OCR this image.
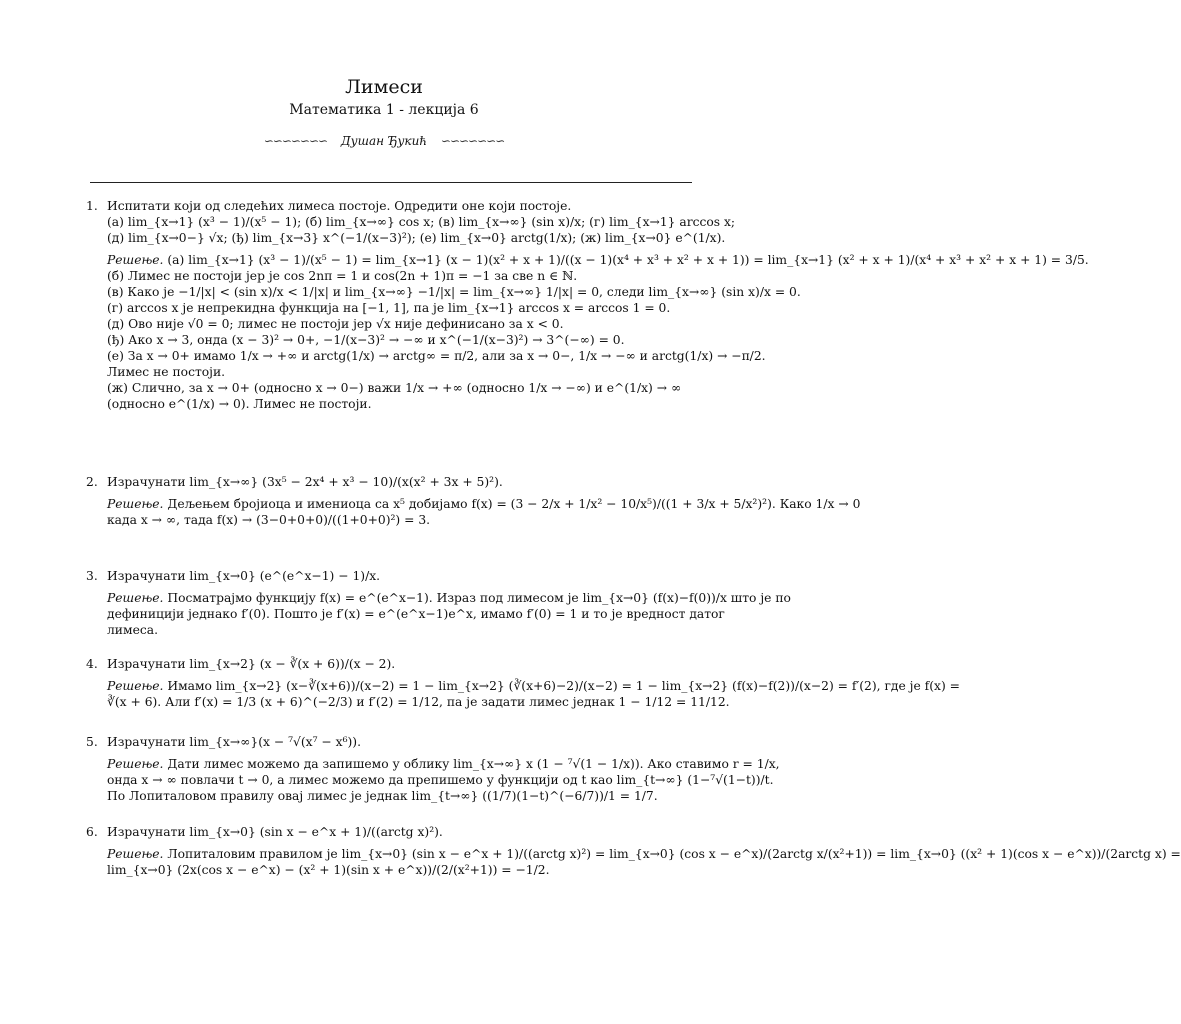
Лимеси
Математика 1 - лекција 6
∽∽∽∽∽∽∽ Душан Ђукић ∽∽∽∽∽∽∽
1. Испитати који од следећих лимеса постоје. Одредити оне који постоје.
(а) lim_{x→1} (x³ − 1)/(x⁵ − 1); (б) lim_{x→∞} cos x; (в) lim_{x→∞} (sin x)/x; (г) lim_{x→1} arccos x;
(д) lim_{x→0−} √x; (ђ) lim_{x→3} x^(−1/(x−3)²); (е) lim_{x→0} arctg(1/x); (ж) lim_{x→0} e^(1/x).
Решење. (а) lim_{x→1} (x³ − 1)/(x⁵ − 1) = lim_{x→1} (x − 1)(x² + x + 1)/((x − 1)(x⁴ + x³ + x² + x + 1)) = lim_{x→1} (x² + x + 1)/(x⁴ + x³ + x² + x + 1) = 3/5.
(б) Лимес не постоји јер је cos 2nπ = 1 и cos(2n + 1)π = −1 за све n ∈ ℕ.
(в) Како је −1/|x| < (sin x)/x < 1/|x| и lim_{x→∞} −1/|x| = lim_{x→∞} 1/|x| = 0, следи lim_{x→∞} (sin x)/x = 0.
(г) arccos x је непрекидна функција на [−1, 1], па је lim_{x→1} arccos x = arccos 1 = 0.
(д) Ово није √0 = 0; лимес не постоји јер √x није дефинисано за x < 0.
(ђ) Ако x → 3, онда (x − 3)² → 0+, −1/(x−3)² → −∞ и x^(−1/(x−3)²) → 3^(−∞) = 0.
(е) За x → 0+ имамо 1/x → +∞ и arctg(1/x) → arctg∞ = π/2, али за x → 0−, 1/x → −∞ и arctg(1/x) → −π/2.
Лимес не постоји.
(ж) Слично, за x → 0+ (односно x → 0−) важи 1/x → +∞ (односно 1/x → −∞) и e^(1/x) → ∞
(односно e^(1/x) → 0). Лимес не постоји.
2. Израчунати lim_{x→∞} (3x⁵ − 2x⁴ + x³ − 10)/(x(x² + 3x + 5)²).
Решење. Дељењем бројиоца и имениоца са x⁵ добијамо f(x) = (3 − 2/x + 1/x² − 10/x⁵)/((1 + 3/x + 5/x²)²). Како 1/x → 0
када x → ∞, тада f(x) → (3−0+0+0)/((1+0+0)²) = 3.
3. Израчунати lim_{x→0} (e^(e^x−1) − 1)/x.
Решење. Посматрајмо функцију f(x) = e^(e^x−1). Израз под лимесом је lim_{x→0} (f(x)−f(0))/x што је по
дефиницији једнако f′(0). Пошто је f′(x) = e^(e^x−1)e^x, имамо f′(0) = 1 и то је вредност датог
лимеса.
4. Израчунати lim_{x→2} (x − ∛(x + 6))/(x − 2).
Решење. Имамо lim_{x→2} (x−∛(x+6))/(x−2) = 1 − lim_{x→2} (∛(x+6)−2)/(x−2) = 1 − lim_{x→2} (f(x)−f(2))/(x−2) = f′(2), где је f(x) =
∛(x + 6). Али f′(x) = 1/3 (x + 6)^(−2/3) и f′(2) = 1/12, па је задати лимес једнак 1 − 1/12 = 11/12.
5. Израчунати lim_{x→∞}(x − ⁷√(x⁷ − x⁶)).
Решење. Дати лимес можемо да запишемо у облику lim_{x→∞} x (1 − ⁷√(1 − 1/x)). Ако ставимо r = 1/x,
онда x → ∞ повлачи t → 0, а лимес можемо да препишемо у функцији од t као lim_{t→∞} (1−⁷√(1−t))/t.
По Лопиталовом правилу овај лимес је једнак lim_{t→∞} ((1/7)(1−t)^(−6/7))/1 = 1/7.
6. Израчунати lim_{x→0} (sin x − e^x + 1)/((arctg x)²).
Решење. Лопиталовим правилом је lim_{x→0} (sin x − e^x + 1)/((arctg x)²) = lim_{x→0} (cos x − e^x)/(2arctg x/(x²+1)) = lim_{x→0} ((x² + 1)(cos x − e^x))/(2arctg x) =
lim_{x→0} (2x(cos x − e^x) − (x² + 1)(sin x + e^x))/(2/(x²+1)) = −1/2.
